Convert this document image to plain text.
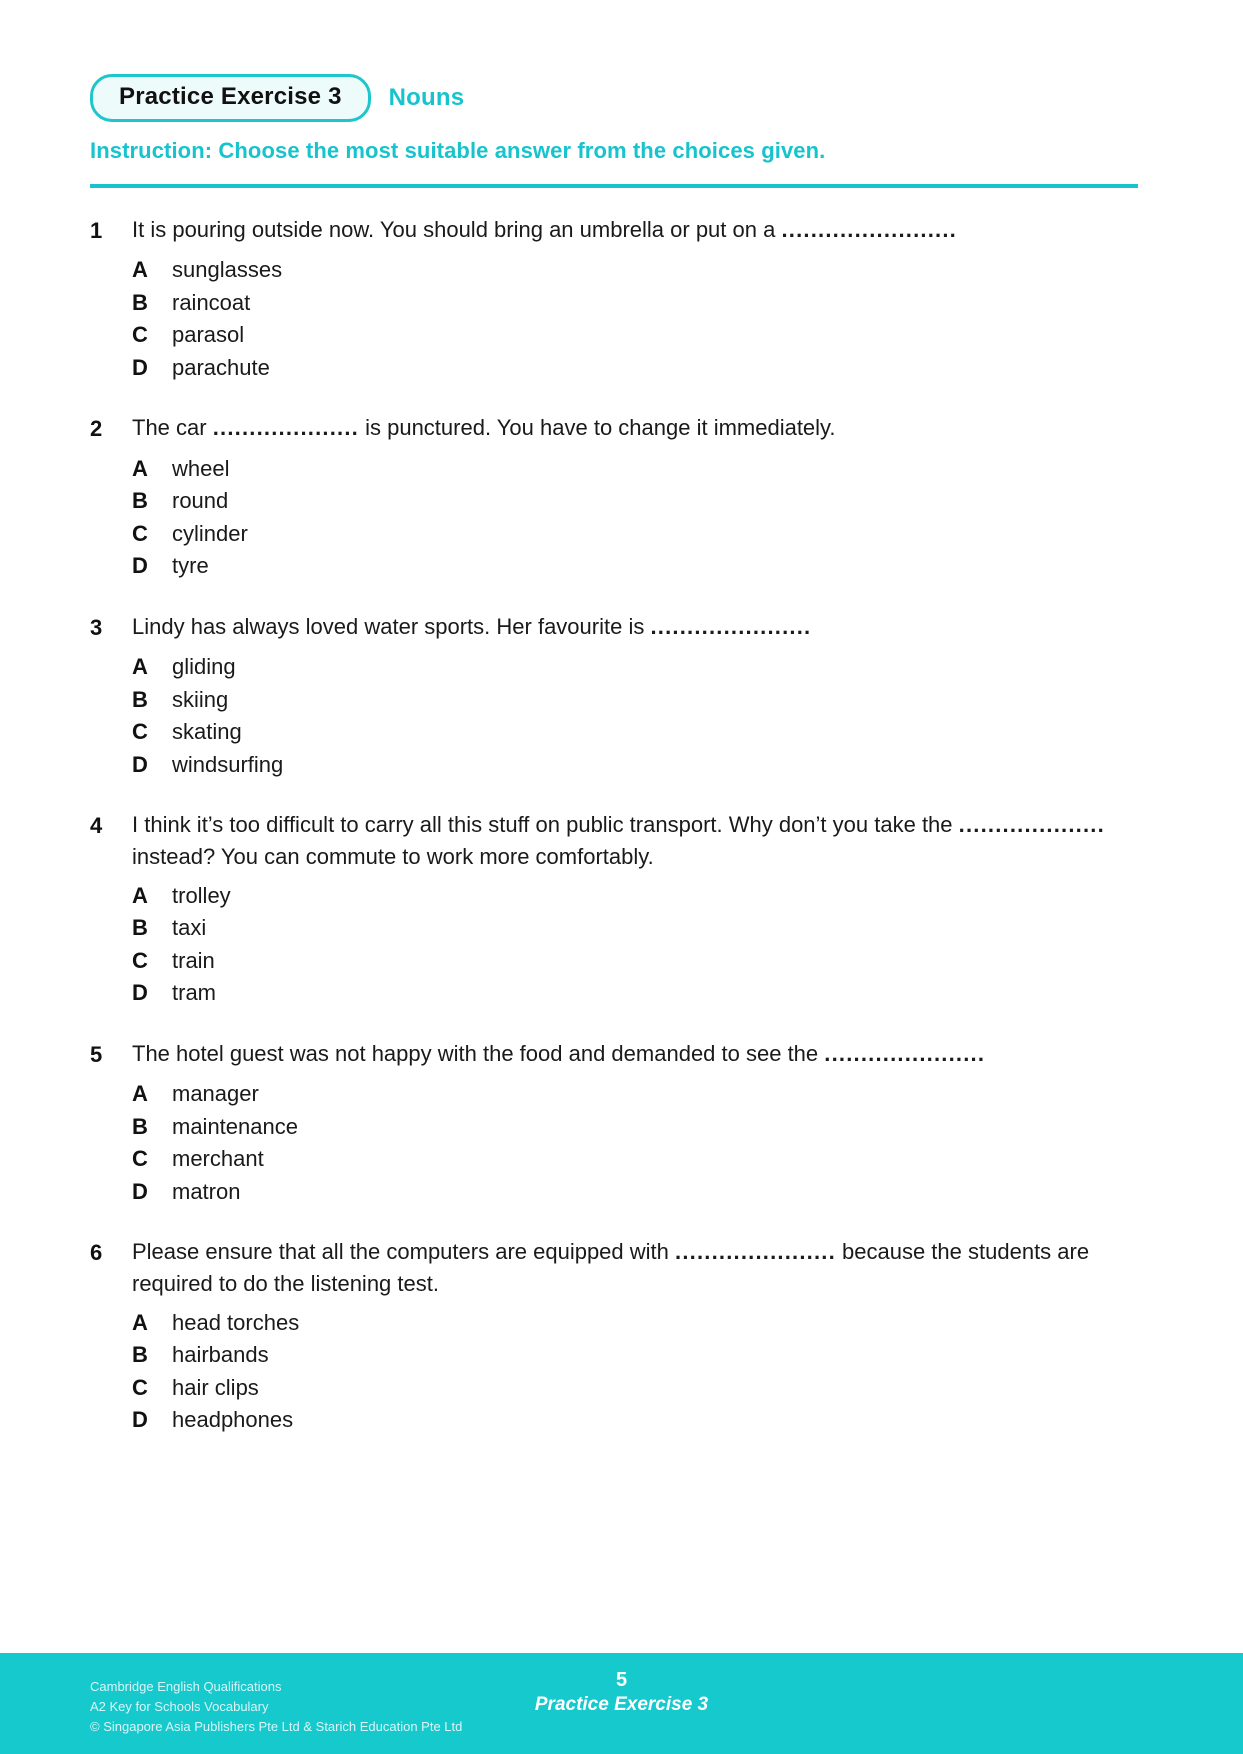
Practice Exercise 3	Nouns
Instruction: Choose the most suitable answer from the choices given.
1	It is pouring outside now. You should bring an umbrella or put on a ........................
A	sunglasses
B	raincoat
C	parasol
D	parachute
2	The car .................... is punctured. You have to change it immediately.
A	wheel
B	round
C	cylinder
D	tyre
3	Lindy has always loved water sports. Her favourite is ......................
A	gliding
B	skiing
C	skating
D	windsurfing
4	I think it’s too difficult to carry all this stuff on public transport. Why don’t you take the .................... instead? You can commute to work more comfortably.
A	trolley
B	taxi
C	train
D	tram
5	The hotel guest was not happy with the food and demanded to see the ......................
A	manager
B	maintenance
C	merchant
D	matron
6	Please ensure that all the computers are equipped with ...................... because the students are required to do the listening test.
A	head torches
B	hairbands
C	hair clips
D	headphones
Cambridge English Qualifications
A2 Key for Schools Vocabulary
© Singapore Asia Publishers Pte Ltd & Starich Education Pte Ltd
5
Practice Exercise 3
